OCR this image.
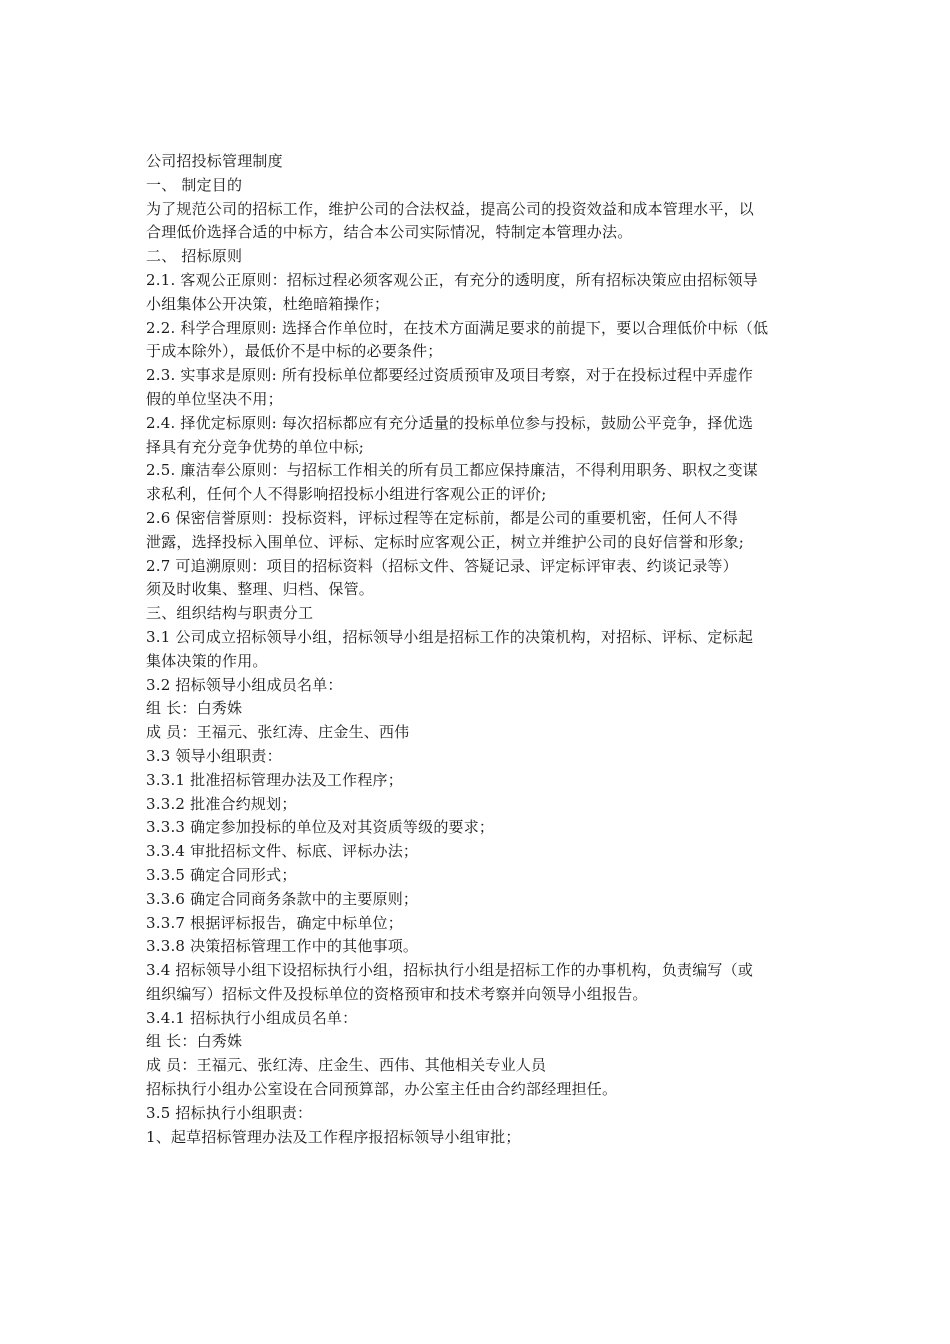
公司招投标管理制度
一、 制定目的
为了规范公司的招标工作，维护公司的合法权益，提高公司的投资效益和成本管理水平，以
合理低价选择合适的中标方，结合本公司实际情况，特制定本管理办法。
二、 招标原则
2.1. 客观公正原则：招标过程必须客观公正，有充分的透明度，所有招标决策应由招标领导
小组集体公开决策，杜绝暗箱操作；
2.2. 科学合理原则: 选择合作单位时，在技术方面满足要求的前提下，要以合理低价中标（低
于成本除外），最低价不是中标的必要条件；
2.3. 实事求是原则: 所有投标单位都要经过资质预审及项目考察，对于在投标过程中弄虚作
假的单位坚决不用；
2.4. 择优定标原则: 每次招标都应有充分适量的投标单位参与投标，鼓励公平竞争，择优选
择具有充分竞争优势的单位中标;
2.5. 廉洁奉公原则：与招标工作相关的所有员工都应保持廉洁，不得利用职务、职权之变谋
求私利，任何个人不得影响招投标小组进行客观公正的评价;
2.6 保密信誉原则：投标资料，评标过程等在定标前，都是公司的重要机密，任何人不得
泄露，选择投标入围单位、评标、定标时应客观公正，树立并维护公司的良好信誉和形象;
2.7 可追溯原则：项目的招标资料（招标文件、答疑记录、评定标评审表、约谈记录等）
须及时收集、整理、归档、保管。
三、组织结构与职责分工
3.1 公司成立招标领导小组，招标领导小组是招标工作的决策机构，对招标、评标、定标起
集体决策的作用。
3.2 招标领导小组成员名单：
组 长：白秀姝
成 员：王福元、张红涛、庄金生、西伟
3.3 领导小组职责：
3.3.1 批准招标管理办法及工作程序；
3.3.2 批准合约规划；
3.3.3 确定参加投标的单位及对其资质等级的要求；
3.3.4 审批招标文件、标底、评标办法；
3.3.5 确定合同形式；
3.3.6 确定合同商务条款中的主要原则；
3.3.7 根据评标报告，确定中标单位；
3.3.8 决策招标管理工作中的其他事项。
3.4 招标领导小组下设招标执行小组，招标执行小组是招标工作的办事机构，负责编写（或
组织编写）招标文件及投标单位的资格预审和技术考察并向领导小组报告。
3.4.1 招标执行小组成员名单：
组 长：白秀姝
成 员：王福元、张红涛、庄金生、西伟、其他相关专业人员
招标执行小组办公室设在合同预算部，办公室主任由合约部经理担任。
3.5 招标执行小组职责：
1、起草招标管理办法及工作程序报招标领导小组审批；
